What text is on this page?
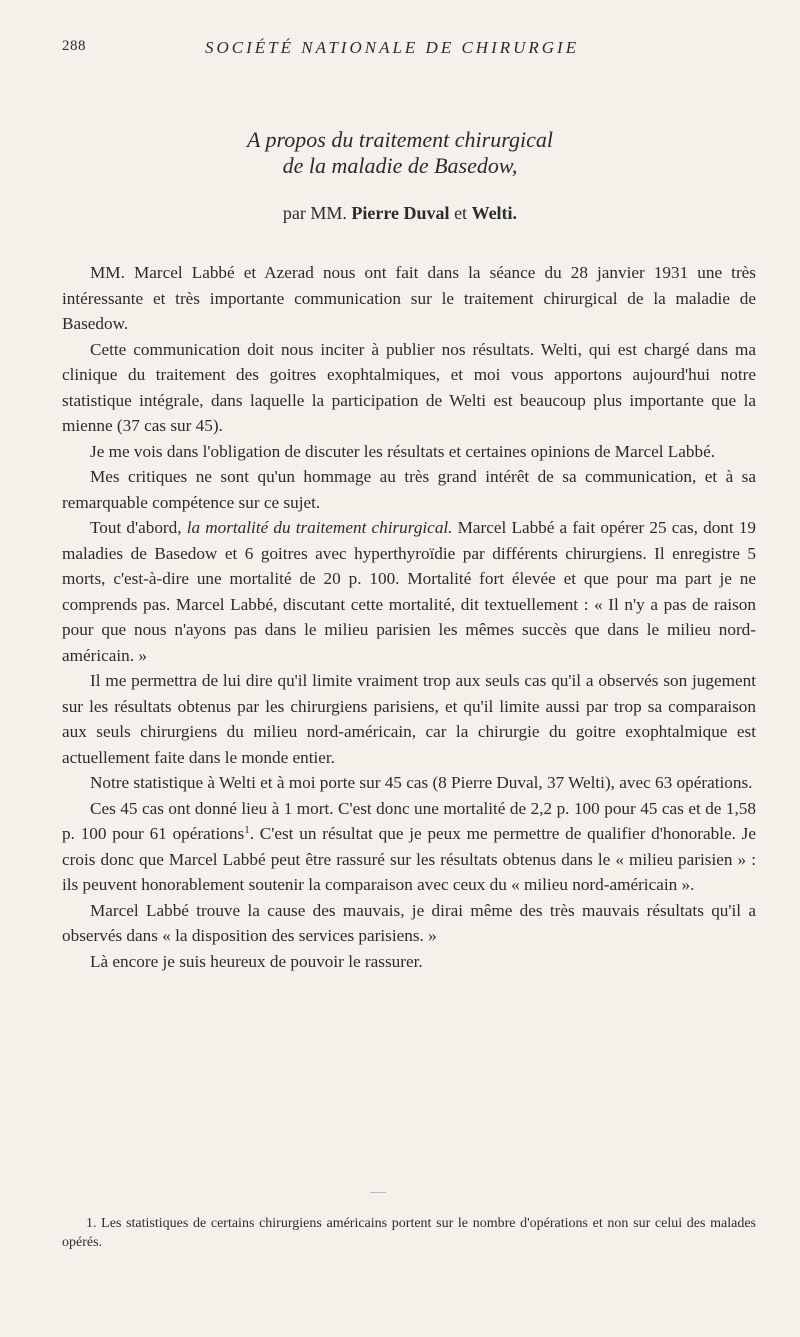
288	SOCIÉTÉ NATIONALE DE CHIRURGIE
A propos du traitement chirurgical
de la maladie de Basedow,
par MM. Pierre Duval et Welti.

MM. Marcel Labbé et Azerad nous ont fait dans la séance du 28 janvier 1931 une très intéressante et très importante communication sur le traitement chirurgical de la maladie de Basedow.

Cette communication doit nous inciter à publier nos résultats. Welti, qui est chargé dans ma clinique du traitement des goitres exophtalmiques, et moi vous apportons aujourd'hui notre statistique intégrale, dans laquelle la participation de Welti est beaucoup plus importante que la mienne (37 cas sur 45).

Je me vois dans l'obligation de discuter les résultats et certaines opinions de Marcel Labbé.

Mes critiques ne sont qu'un hommage au très grand intérêt de sa communication, et à sa remarquable compétence sur ce sujet.

Tout d'abord, la mortalité du traitement chirurgical. Marcel Labbé a fait opérer 25 cas, dont 19 maladies de Basedow et 6 goitres avec hyperthyroïdie par différents chirurgiens. Il enregistre 5 morts, c'est-à-dire une mortalité de 20 p. 100. Mortalité fort élevée et que pour ma part je ne comprends pas. Marcel Labbé, discutant cette mortalité, dit textuellement : « Il n'y a pas de raison pour que nous n'ayons pas dans le milieu parisien les mêmes succès que dans le milieu nord-américain. »

Il me permettra de lui dire qu'il limite vraiment trop aux seuls cas qu'il a observés son jugement sur les résultats obtenus par les chirurgiens parisiens, et qu'il limite aussi par trop sa comparaison aux seuls chirurgiens du milieu nord-américain, car la chirurgie du goitre exophtalmique est actuellement faite dans le monde entier.

Notre statistique à Welti et à moi porte sur 45 cas (8 Pierre Duval, 37 Welti), avec 63 opérations.

Ces 45 cas ont donné lieu à 1 mort. C'est donc une mortalité de 2,2 p. 100 pour 45 cas et de 1,58 p. 100 pour 61 opérations$^1$. C'est un résultat que je peux me permettre de qualifier d'honorable. Je crois donc que Marcel Labbé peut être rassuré sur les résultats obtenus dans le « milieu parisien » : ils peuvent honorablement soutenir la comparaison avec ceux du « milieu nord-américain ».

Marcel Labbé trouve la cause des mauvais, je dirai même des très mauvais résultats qu'il a observés dans « la disposition des services parisiens. »

Là encore je suis heureux de pouvoir le rassurer.

1. Les statistiques de certains chirurgiens américains portent sur le nombre d'opérations et non sur celui des malades opérés.
